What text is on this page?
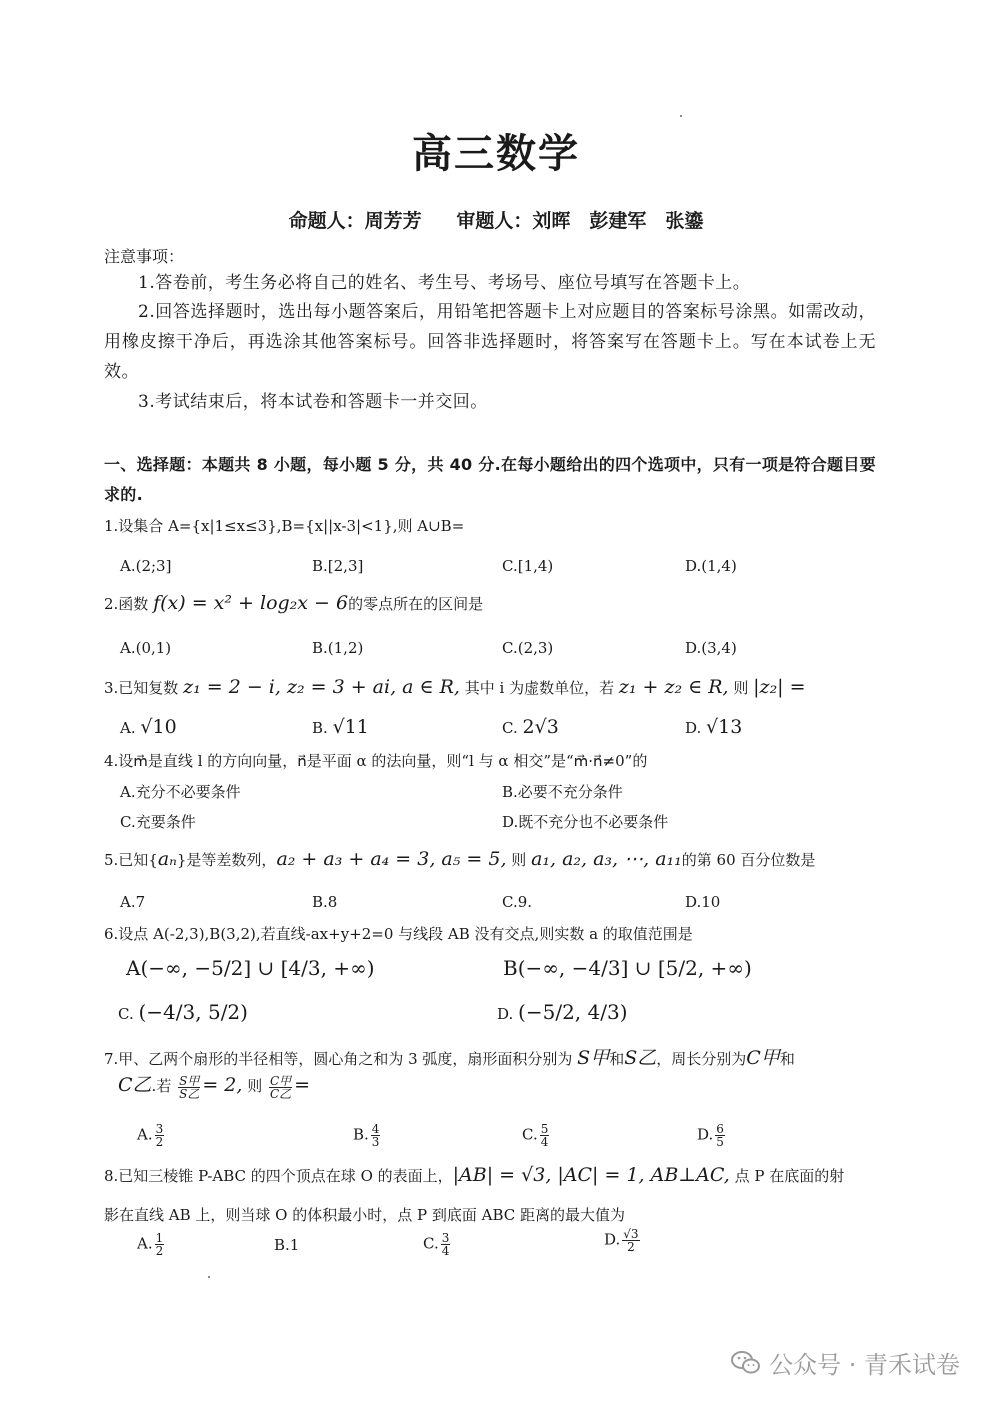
高三数学
命题人：周芳芳 审题人：刘晖　彭建军　张鎏
注意事项：
1.答卷前，考生务必将自己的姓名、考生号、考场号、座位号填写在答题卡上。
2.回答选择题时，选出每小题答案后，用铅笔把答题卡上对应题目的答案标号涂黑。如需改动，用橡皮擦干净后，再选涂其他答案标号。回答非选择题时，将答案写在答题卡上。写在本试卷上无效。
3.考试结束后，将本试卷和答题卡一并交回。
一、选择题：本题共 8 小题，每小题 5 分，共 40 分.在每小题给出的四个选项中，只有一项是符合题目要求的.
1.设集合 A={x|1≤x≤3},B={x||x-3|<1},则 A∪B=
A.(2;3]	B.[2,3]	C.[1,4)	D.(1,4)
2.函数 f(x) = x² + log₂x − 6的零点所在的区间是
A.(0,1)	B.(1,2)	C.(2,3)	D.(3,4)
3.已知复数 z₁ = 2 − i, z₂ = 3 + ai, a ∈ R, 其中 i 为虚数单位，若 z₁ + z₂ ∈ R, 则 |z₂| =
A. √10	B. √11	C. 2√3	D. √13
4.设m⃗是直线 l 的方向向量，n⃗是平面 α 的法向量，则“l 与 α 相交”是“m⃗·n⃗≠0”的
A.充分不必要条件	B.必要不充分条件
C.充要条件	D.既不充分也不必要条件
5.已知{aₙ}是等差数列，a₂ + a₃ + a₄ = 3, a₅ = 5, 则 a₁, a₂, a₃, ⋯, a₁₁的第 60 百分位数是
A.7	B.8	C.9.	D.10
6.设点 A(-2,3),B(3,2),若直线-ax+y+2=0 与线段 AB 没有交点,则实数 a 的取值范围是
A(−∞, −5/2] ∪ [4/3, +∞)	B(−∞, −4/3] ∪ [5/2, +∞)
C. (−4/3, 5/2)	D. (−5/2, 4/3)
7.甲、乙两个扇形的半径相等，圆心角之和为 3 弧度，扇形面积分别为 S甲和S乙，周长分别为C甲和
C乙.若 $\frac{\text{S甲}}{\text{S乙}} = 2$, 则 $\frac{\text{C甲}}{\text{C乙}}$ =
A. $\frac{3}{2}$	B. $\frac{4}{3}$	C. $\frac{5}{4}$	D. $\frac{6}{5}$
8.已知三棱锥 P-ABC 的四个顶点在球 O 的表面上，|AB| = √3, |AC| = 1, AB⊥AC, 点 P 在底面的射
影在直线 AB 上，则当球 O 的体积最小时，点 P 到底面 ABC 距离的最大值为
A. $\frac{1}{2}$	B.1	C. $\frac{3}{4}$	D. $\frac{√3}{2}$
公众号 · 青禾试卷
